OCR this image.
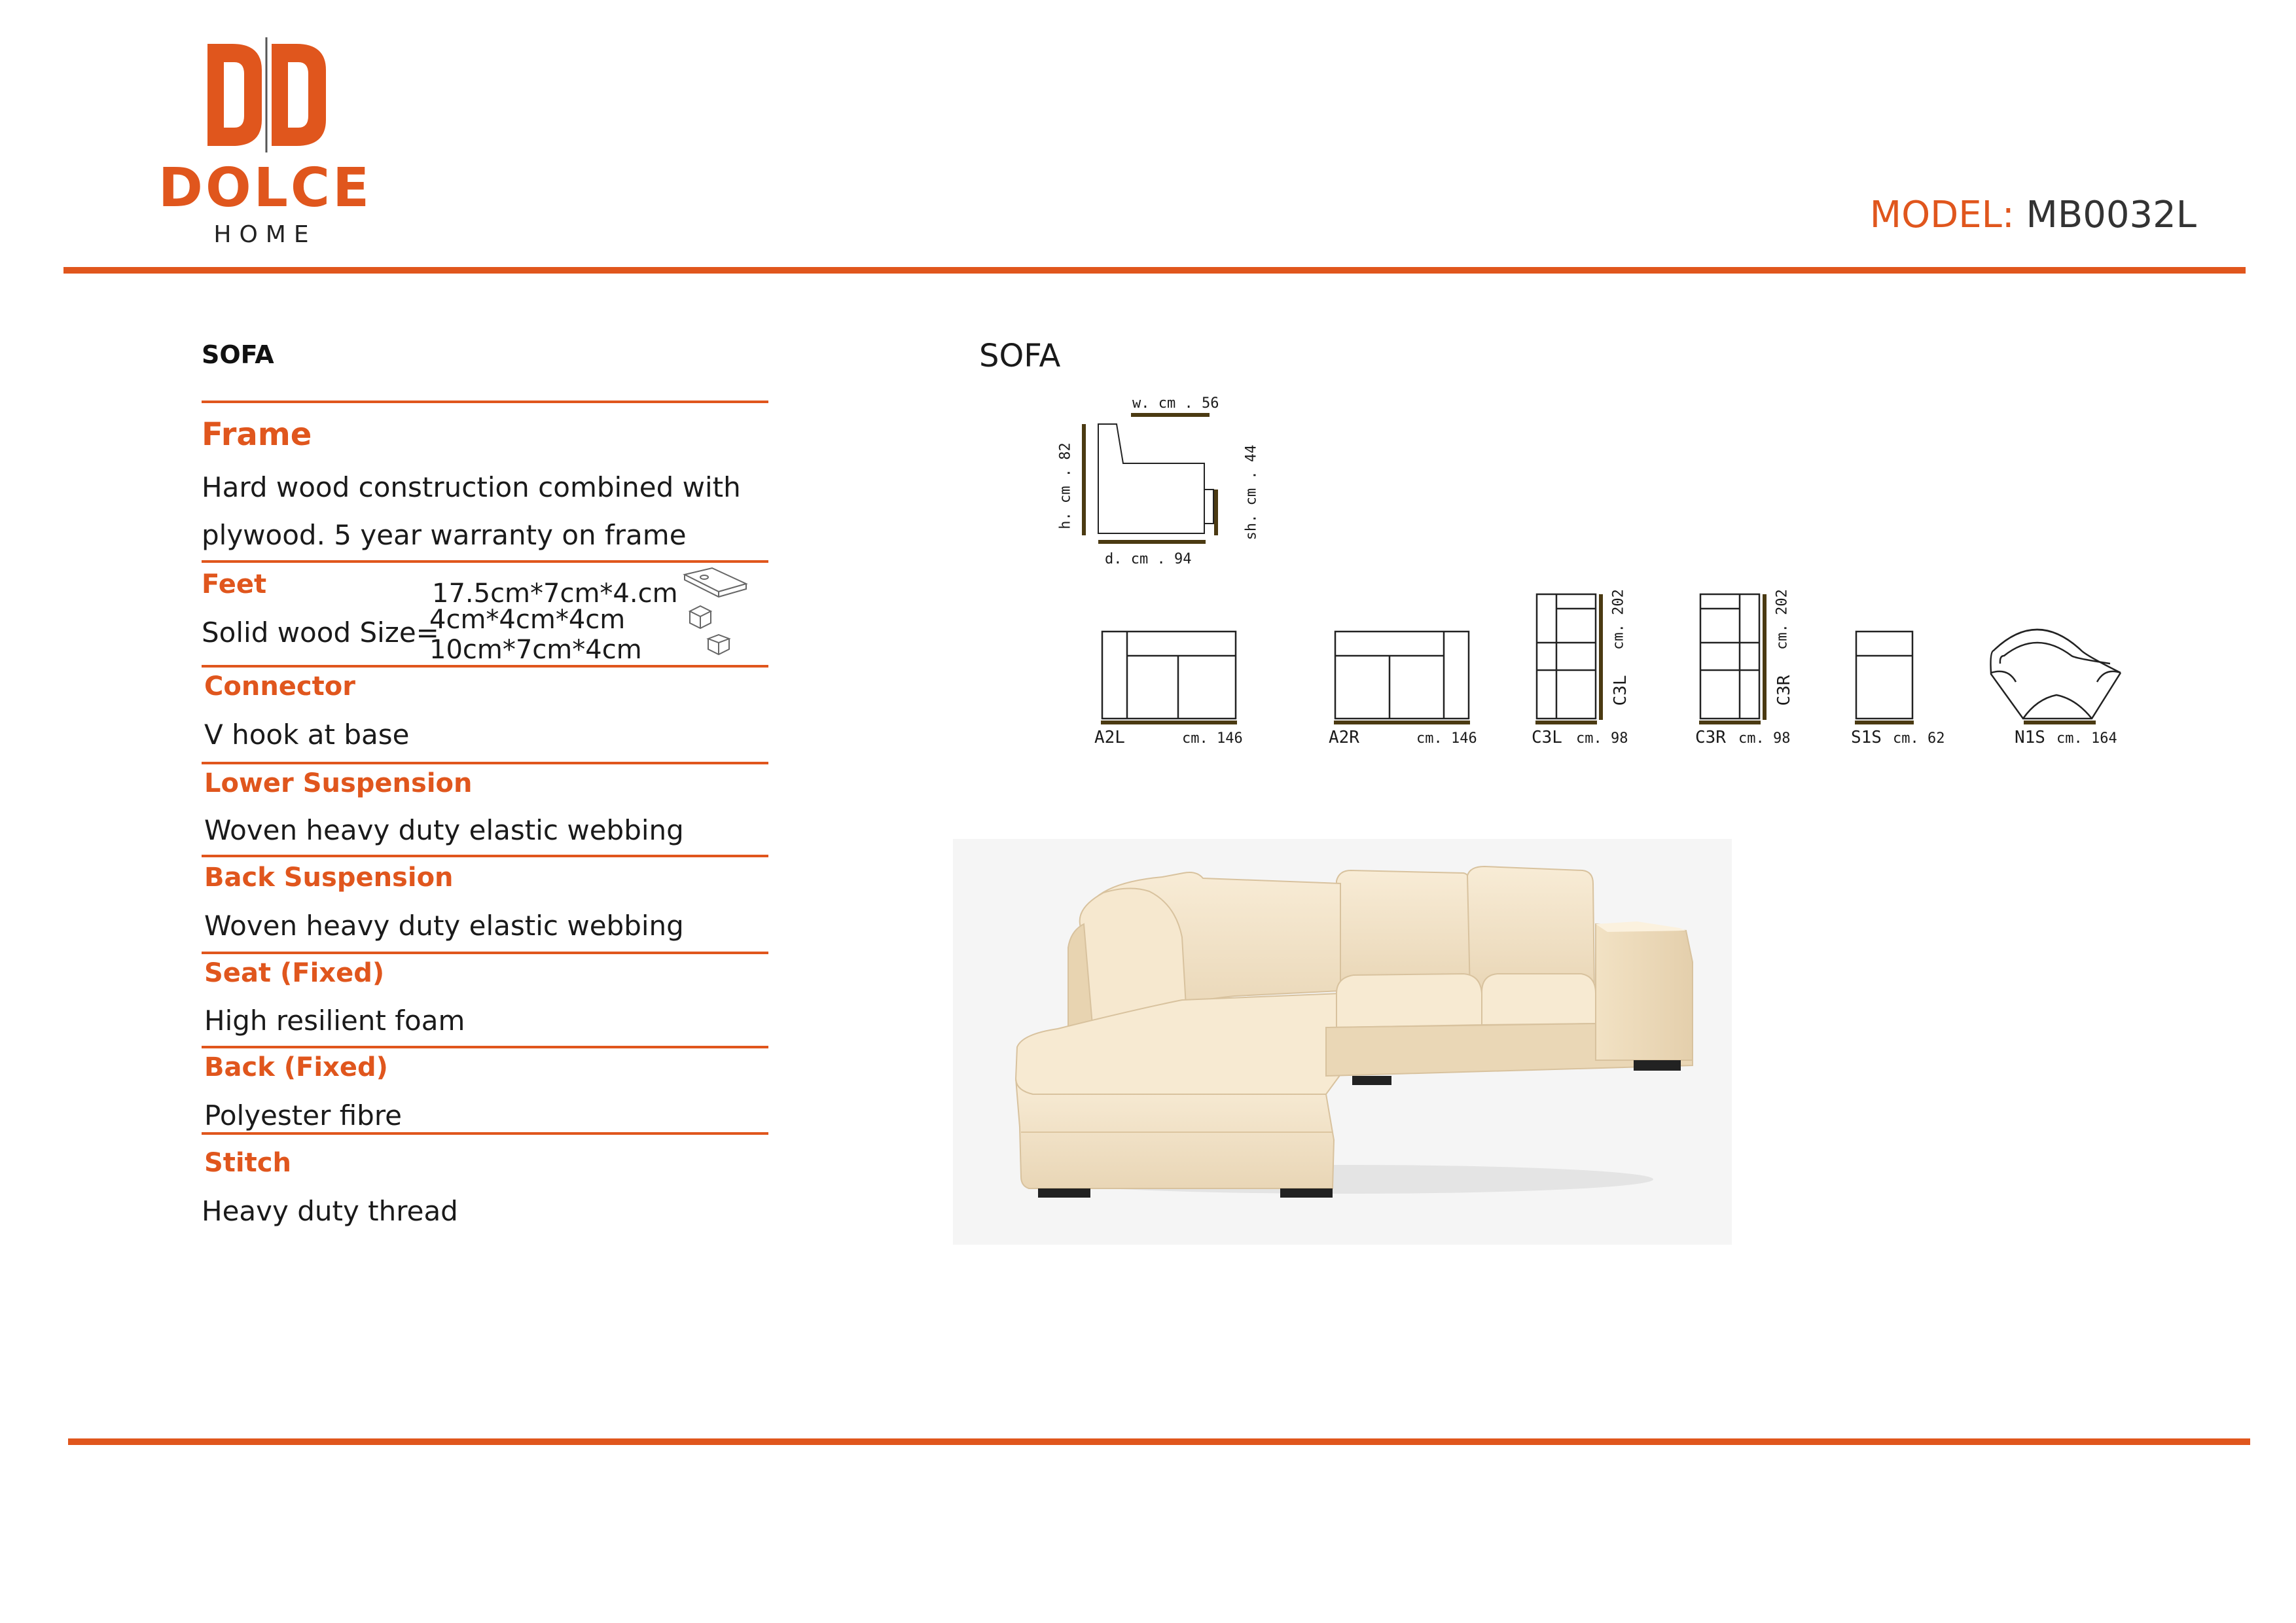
DOLCE
HOME	MODEL: MB0032L
SOFA
Frame
Hard wood construction combined with
plywood. 5 year warranty on frame
Feet
Solid wood Size=
17.5cm*7cm*4.cm
4cm*4cm*4cm
10cm*7cm*4cm
Connector
V hook at base
Lower Suspension
Woven heavy duty elastic webbing
Back Suspension
Woven heavy duty elastic webbing
Seat (Fixed)
High resilient foam
Back (Fixed)
Polyester fibre
Stitch
Heavy duty thread
SOFA
w. cm . 56
h. cm . 82	sh. cm . 44
d. cm . 94
A2L	cm. 146	A2R	cm. 146	C3L cm. 98	C3R cm. 98	S1S cm. 62	N1S cm. 164
cm. 202
C3L
cm. 202
C3R
